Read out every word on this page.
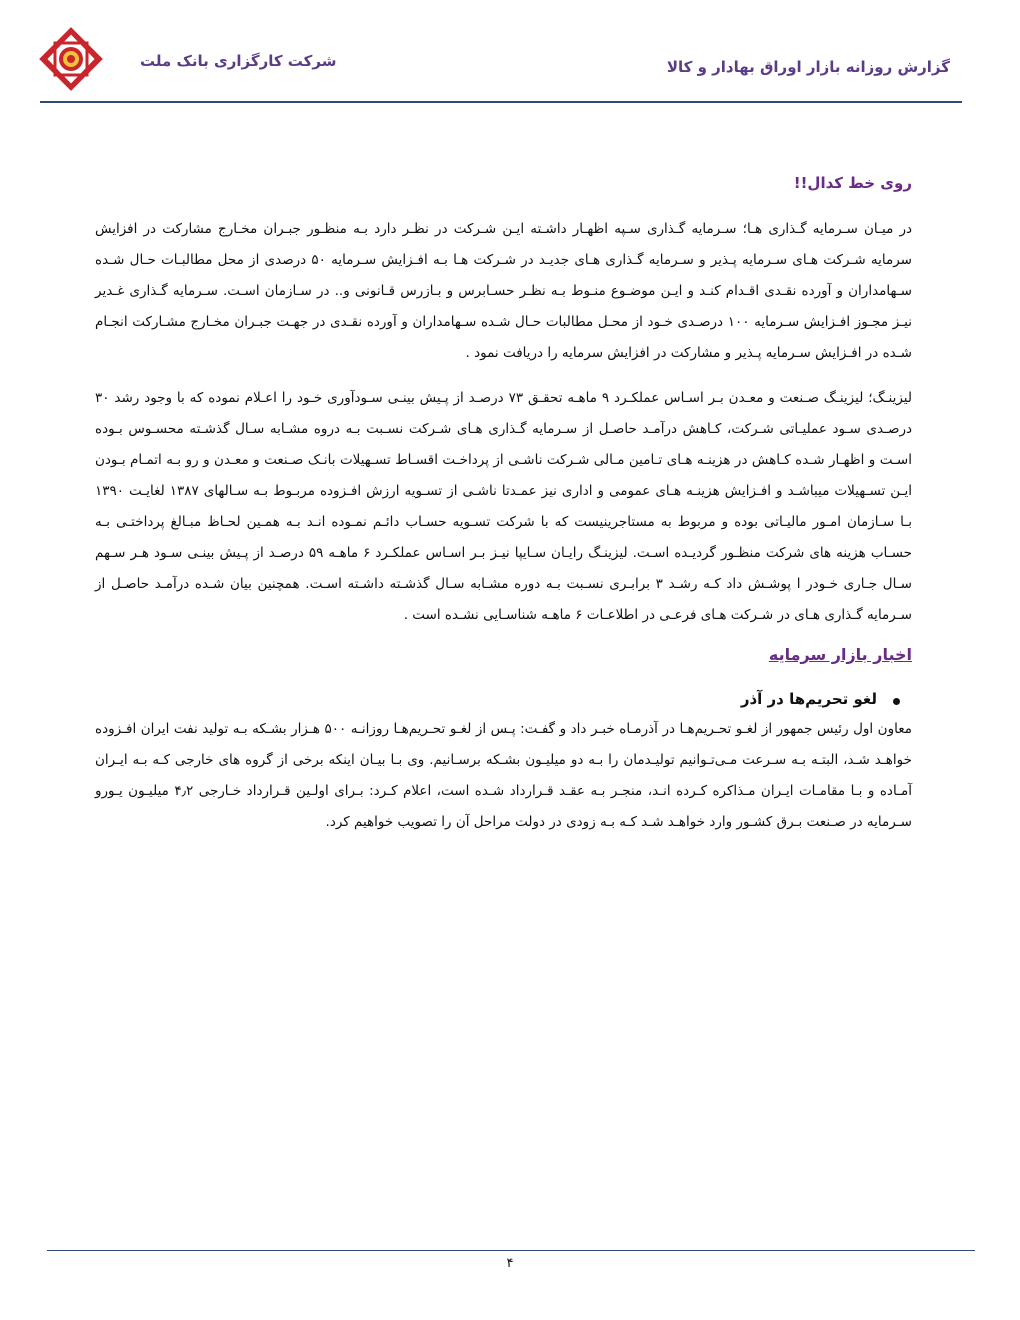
شرکت کارگزاری بانک ملت	گزارش روزانه بازار اوراق بهادار و کالا
روی خط کدال!!

در میـان سـرمایه گـذاری هـا؛ سـرمایه گـذاری سـپه اظهـار داشـته ایـن شـرکت در نظـر دارد بـه منظـور جبـران مخـارج مشارکت در افزایش سرمایه شـرکت هـای سـرمایه پـذیر و سـرمایه گـذاری هـای جدیـد در شـرکت هـا بـه افـزایش سـرمایه ۵۰ درصدی از محل مطالبـات حـال شـده سـهامداران و آورده نقـدی اقـدام کنـد و ایـن موضـوع منـوط بـه نظـر حسـابرس و بـازرس قـانونی و.. در سـازمان اسـت. سـرمایه گـذاری غـدیر نیـز مجـوز افـزایش سـرمایه ۱۰۰ درصـدی خـود از محـل مطالبات حـال شـده سـهامداران و آورده نقـدی در جهـت جبـران مخـارج مشـارکت انجـام شـده در افـزایش سـرمایه پـذیر و مشارکت در افزایش سرمایه را دریافت نمود .

لیزینـگ؛ لیزینـگ صـنعت و معـدن بـر اسـاس عملکـرد ۹ ماهـه تحقـق ۷۳ درصـد از پـیش بینـی سـودآوری خـود را اعـلام نموده که با وجود رشد ۳۰ درصـدی سـود عملیـاتی شـرکت، کـاهش درآمـد حاصـل از سـرمایه گـذاری هـای شـرکت نسـبت بـه دروه مشـابه سـال گذشـته محسـوس بـوده اسـت و اظهـار شـده کـاهش در هزینـه هـای تـامین مـالی شـرکت ناشـی از پرداخـت اقسـاط تسـهیلات بانـک صـنعت و معـدن و رو بـه اتمـام بـودن ایـن تسـهیلات میباشـد و افـزایش هزینـه هـای عمومی و اداری نیز عمـدتا ناشـی از تسـویه ارزش افـزوده مربـوط بـه سـالهای ۱۳۸۷ لغایـت ۱۳۹۰ بـا سـازمان امـور مالیـاتی بوده و مربوط به مستاجرینیست که با شرکت تسـویه حسـاب دائـم نمـوده انـد بـه همـین لحـاظ مبـالغ پرداختـی بـه حسـاب هزینه های شرکت منظـور گردیـده اسـت. لیزینـگ رایـان سـایپا نیـز بـر اسـاس عملکـرد ۶ ماهـه ۵۹ درصـد از پـیش بینـی سـود هـر سـهم سـال جـاری خـودر ا پوشـش داد کـه رشـد ۳ برابـری نسـبت بـه دوره مشـابه سـال گذشـته داشـته اسـت. همچنین بیان شـده درآمـد حاصـل از سـرمایه گـذاری هـای در شـرکت هـای فرعـی در اطلاعـات ۶ ماهـه شناسـایی نشـده است .

اخبار بازار سرمایه
لغو تحریم‌ها در آذر

معاون اول رئیس جمهور از لغـو تحـریم‌هـا در آذرمـاه خبـر داد و گفـت: پـس از لغـو تحـریم‌هـا روزانـه ۵۰۰ هـزار بشـکه بـه تولید نفت ایران افـزوده خواهـد شـد، البتـه بـه سـرعت مـی‌تـوانیم تولیـدمان را بـه دو میلیـون بشـکه برسـانیم. وی بـا بیـان اینکه برخی از گروه های خارجی کـه بـه ایـران آمـاده و بـا مقامـات ایـران مـذاکره کـرده انـد، منجـر بـه عقـد قـرارداد شـده است، اعلام کـرد: بـرای اولـین قـرارداد خـارجی ۴٫۲ میلیـون یـورو سـرمایه در صـنعت بـرق کشـور وارد خواهـد شـد کـه بـه زودی در دولت مراحل آن را تصویب خواهیم کرد.

۴
